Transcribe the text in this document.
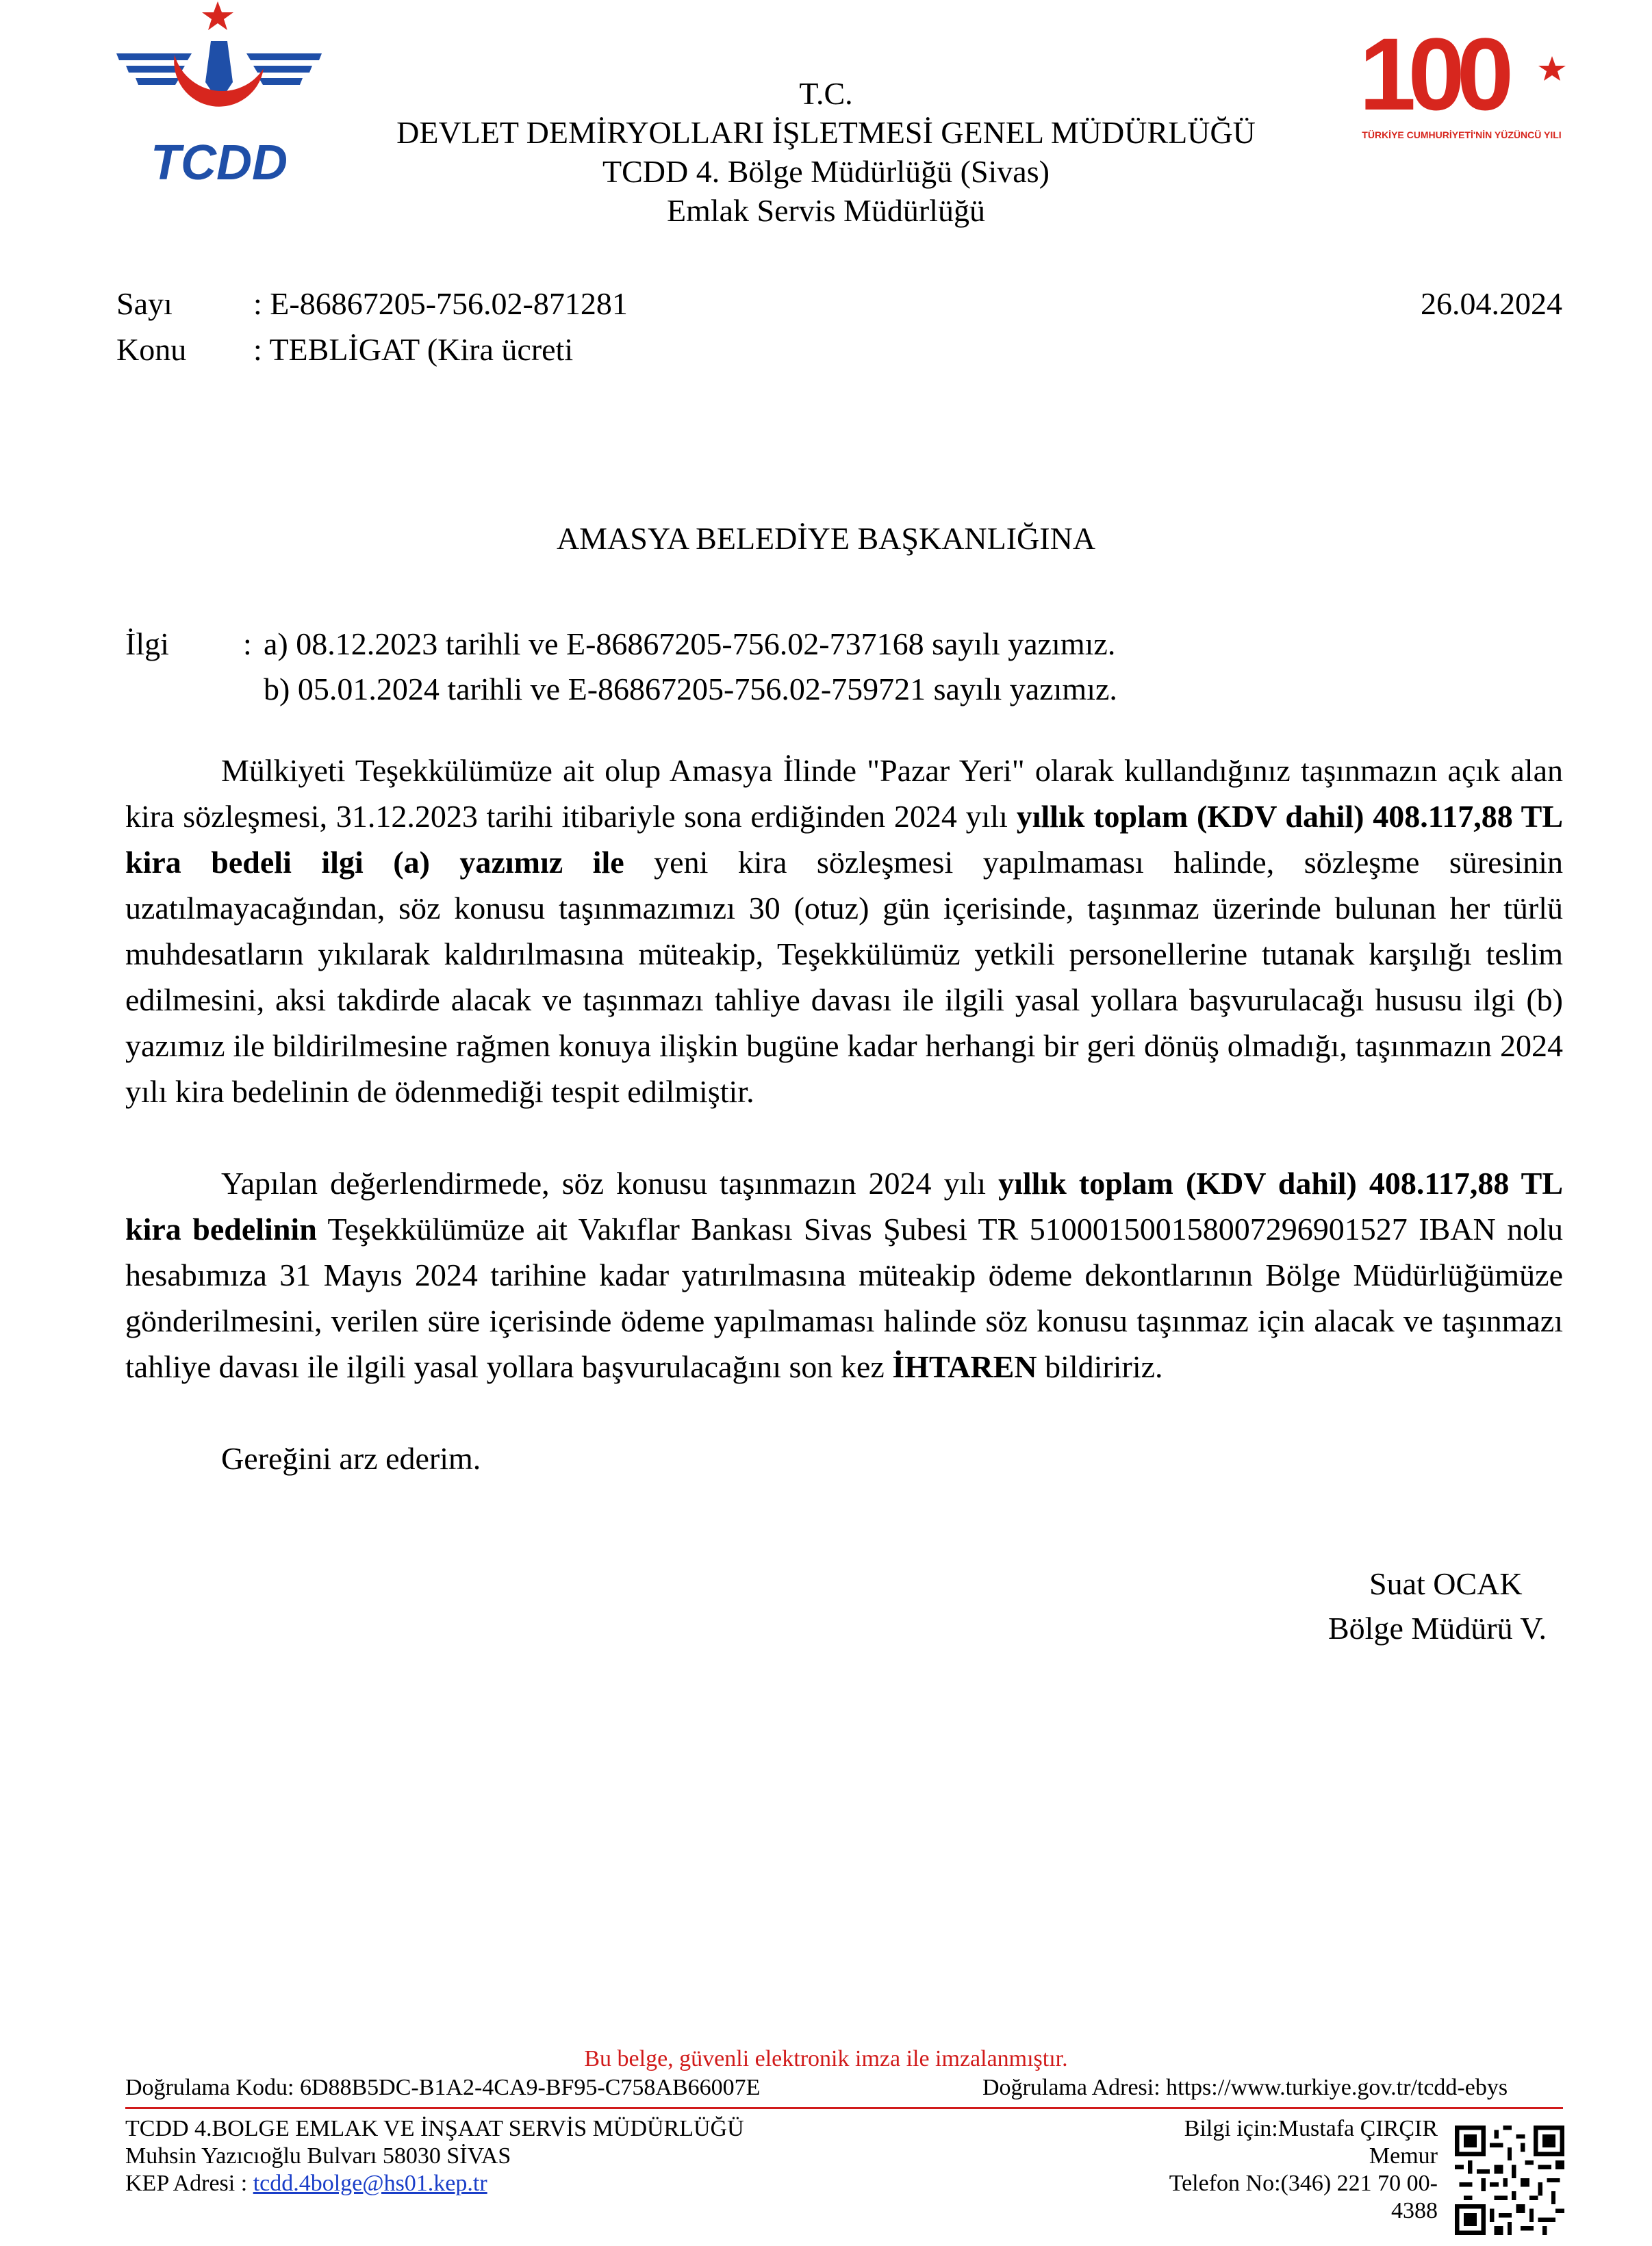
TCDD
100
TÜRKİYE CUMHURİYETİ'NİN YÜZÜNCÜ YILI
T.C.
DEVLET DEMİRYOLLARI İŞLETMESİ GENEL MÜDÜRLÜĞÜ
TCDD 4. Bölge Müdürlüğü (Sivas)
Emlak Servis Müdürlüğü
Sayı	: E-86867205-756.02-871281	26.04.2024
Konu : TEBLİGAT (Kira ücreti
AMASYA BELEDİYE BAŞKANLIĞINA
İlgi : a) 08.12.2023 tarihli ve E-86867205-756.02-737168 sayılı yazımız.
b) 05.01.2024 tarihli ve E-86867205-756.02-759721 sayılı yazımız.
Mülkiyeti Teşekkülümüze ait olup Amasya İlinde "Pazar Yeri" olarak kullandığınız taşınmazın açık alan kira sözleşmesi, 31.12.2023 tarihi itibariyle sona erdiğinden 2024 yılı yıllık toplam (KDV dahil) 408.117,88 TL kira bedeli ilgi (a) yazımız ile yeni kira sözleşmesi yapılmaması halinde, sözleşme süresinin uzatılmayacağından, söz konusu taşınmazımızı 30 (otuz) gün içerisinde, taşınmaz üzerinde bulunan her türlü muhdesatların yıkılarak kaldırılmasına müteakip, Teşekkülümüz yetkili personellerine tutanak karşılığı teslim edilmesini, aksi takdirde alacak ve taşınmazı tahliye davası ile ilgili yasal yollara başvurulacağı hususu ilgi (b) yazımız ile bildirilmesine rağmen konuya ilişkin bugüne kadar herhangi bir geri dönüş olmadığı, taşınmazın 2024 yılı kira bedelinin de ödenmediği tespit edilmiştir.
Yapılan değerlendirmede, söz konusu taşınmazın 2024 yılı yıllık toplam (KDV dahil) 408.117,88 TL kira bedelinin Teşekkülümüze ait Vakıflar Bankası Sivas Şubesi TR 510001500158007296901527 IBAN nolu hesabımıza 31 Mayıs 2024 tarihine kadar yatırılmasına müteakip ödeme dekontlarının Bölge Müdürlüğümüze gönderilmesini, verilen süre içerisinde ödeme yapılmaması halinde söz konusu taşınmaz için alacak ve taşınmazı tahliye davası ile ilgili yasal yollara başvurulacağını son kez İHTAREN bildiririz.
Gereğini arz ederim.
Suat OCAK
Bölge Müdürü V.
Bu belge, güvenli elektronik imza ile imzalanmıştır.
Doğrulama Kodu: 6D88B5DC-B1A2-4CA9-BF95-C758AB66007E	Doğrulama Adresi: https://www.turkiye.gov.tr/tcdd-ebys
TCDD 4.BOLGE EMLAK VE İNŞAAT SERVİS MÜDÜRLÜĞÜ
Muhsin Yazıcıoğlu Bulvarı 58030 SİVAS
KEP Adresi : tcdd.4bolge@hs01.kep.tr
Bilgi için:Mustafa ÇIRÇIR
Memur
Telefon No:(346) 221 70 00-
4388
